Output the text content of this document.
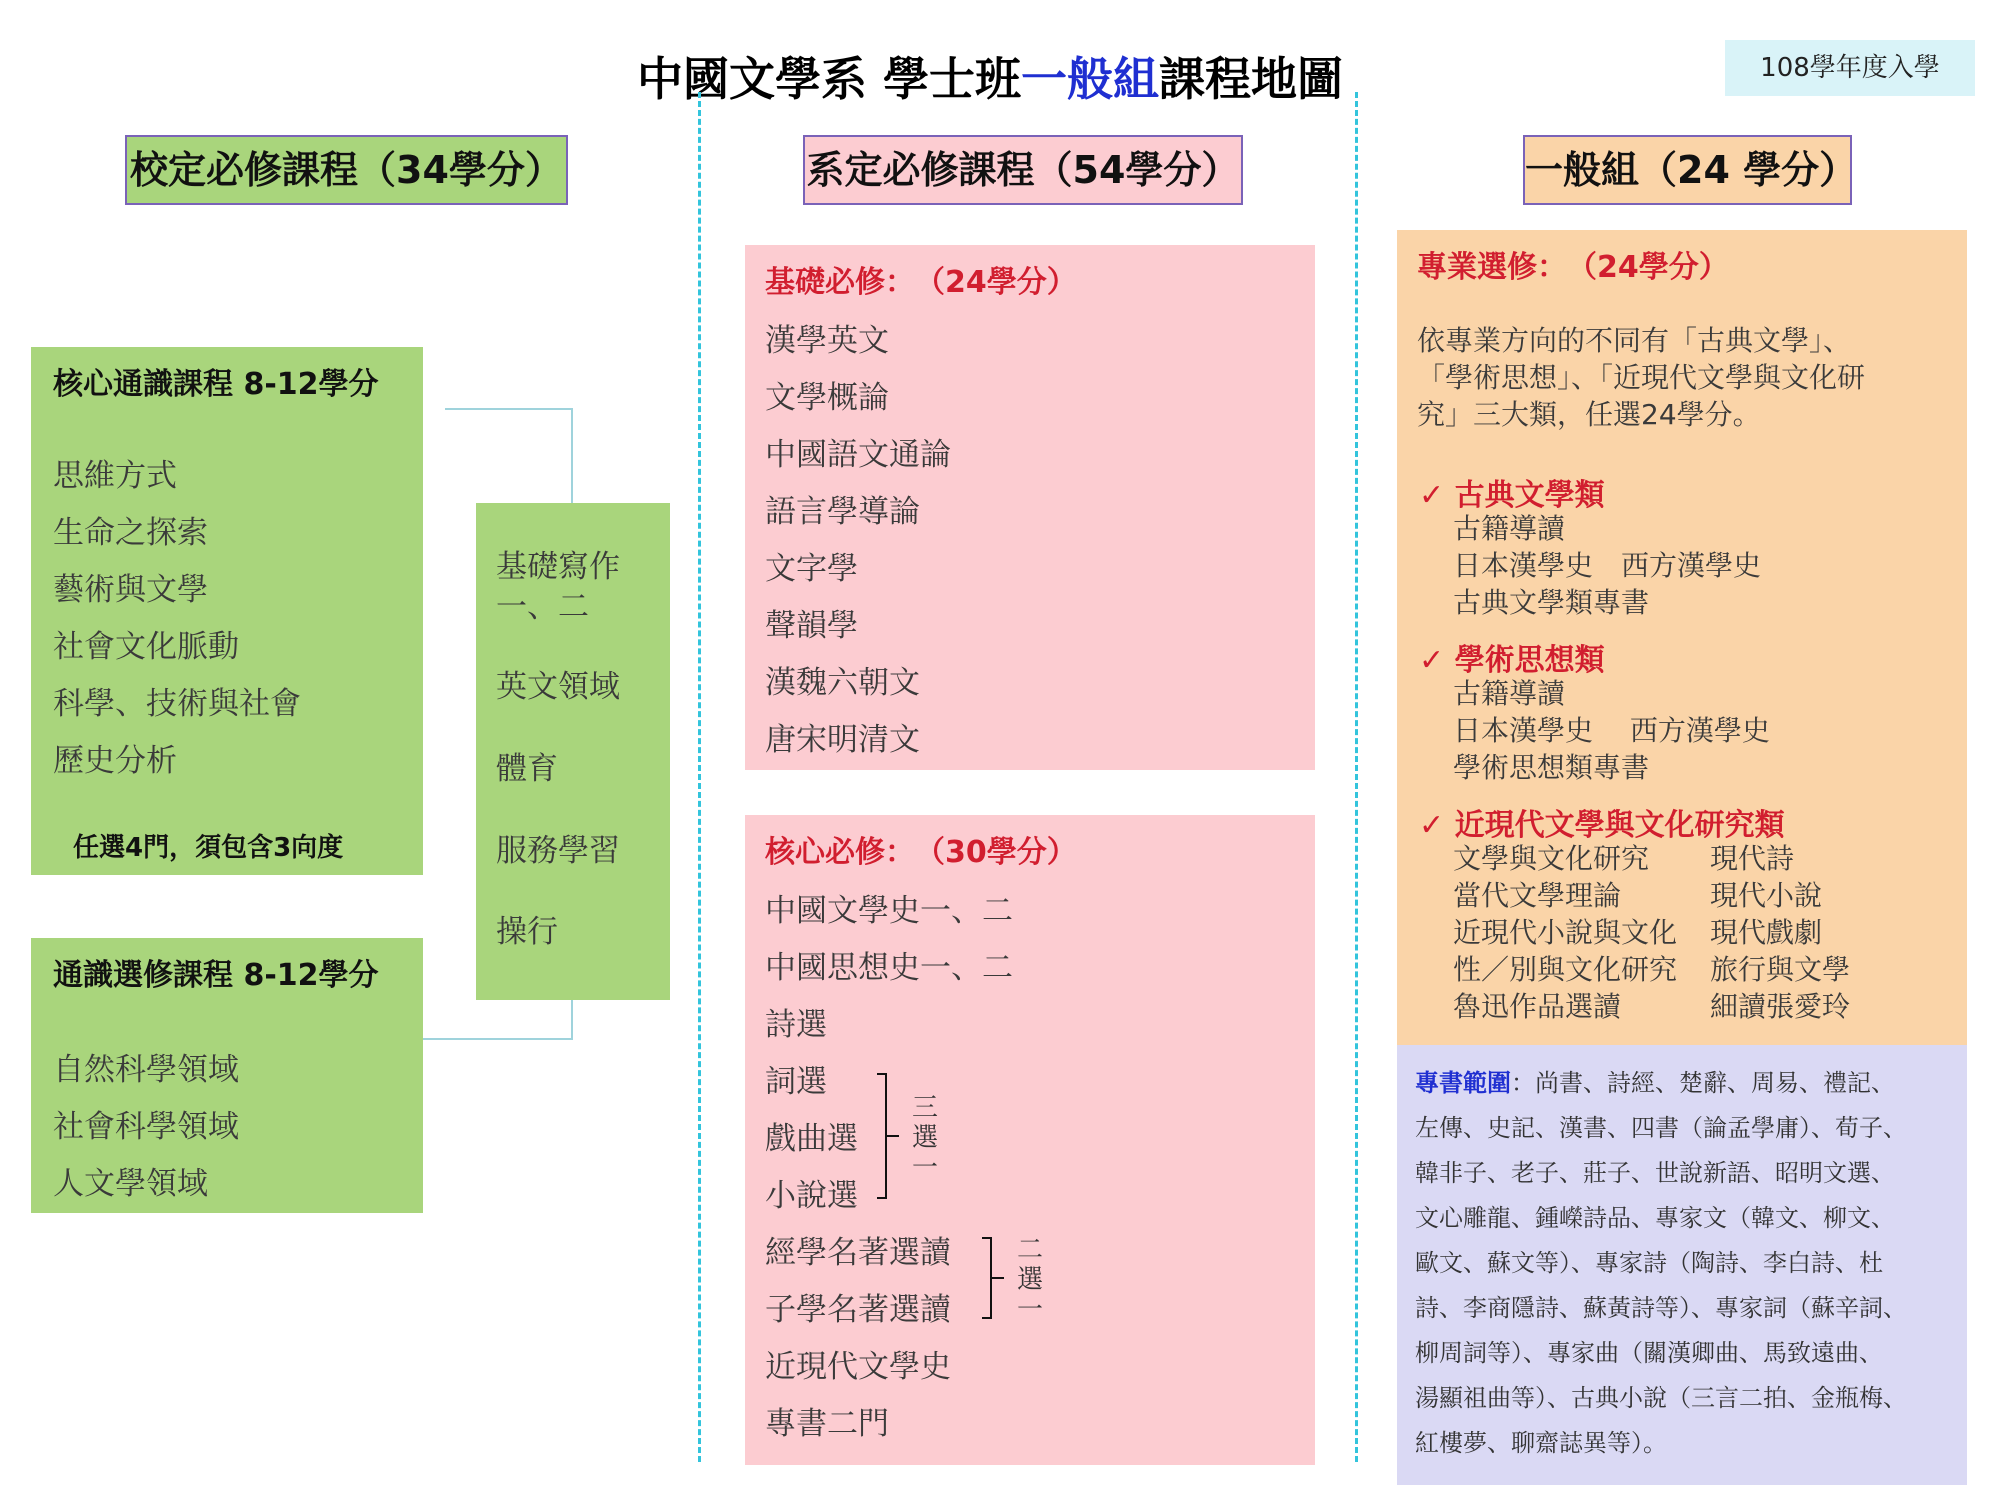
中國文學系 學士班一般組課程地圖	108學年度入學
校定必修課程（34學分）	系定必修課程（54學分）	一般組（24 學分）
核心通識課程 8-12學分
思維方式
生命之探索
藝術與文學
社會文化脈動
科學、技術與社會
歷史分析
任選4門，須包含3向度
通識選修課程 8-12學分
自然科學領域
社會科學領域
人文學領域
基礎寫作
一、二
英文領域
體育
服務學習
操行
基礎必修：　（24學分）
漢學英文
文學概論
中國語文通論
語言學導論
文字學
聲韻學
漢魏六朝文
唐宋明清文
核心必修：　（30學分）
中國文學史一、二
中國思想史一、二
詩選
詞選
戲曲選
小說選
三
選
一
經學名著選讀
子學名著選讀
二
選
一
近現代文學史
專書二門
專業選修：　（24學分）
依專業方向的不同有「古典文學」、
「學術思想」、「近現代文學與文化研
究」三大類，任選24學分。
✓ 古典文學類
古籍導讀
日本漢學史　西方漢學史
古典文學類專書
✓ 學術思想類
古籍導讀
日本漢學史　 西方漢學史
學術思想類專書
✓ 近現代文學與文化研究類
文學與文化研究 現代詩
當代文學理論	現代小說
近現代小說與文化 現代戲劇
性／別與文化研究 旅行與文學
魯迅作品選讀	細讀張愛玲
專書範圍：尚書、詩經、楚辭、周易、禮記、
左傳、史記、漢書、四書（論孟學庸）、荀子、
韓非子、老子、莊子、世說新語、昭明文選、
文心雕龍、鍾嶸詩品、專家文（韓文、柳文、
歐文、蘇文等）、專家詩（陶詩、李白詩、杜
詩、李商隱詩、蘇黃詩等）、專家詞（蘇辛詞、
柳周詞等）、專家曲（關漢卿曲、馬致遠曲、
湯顯祖曲等）、古典小說（三言二拍、金瓶梅、
紅樓夢、聊齋誌異等）。
